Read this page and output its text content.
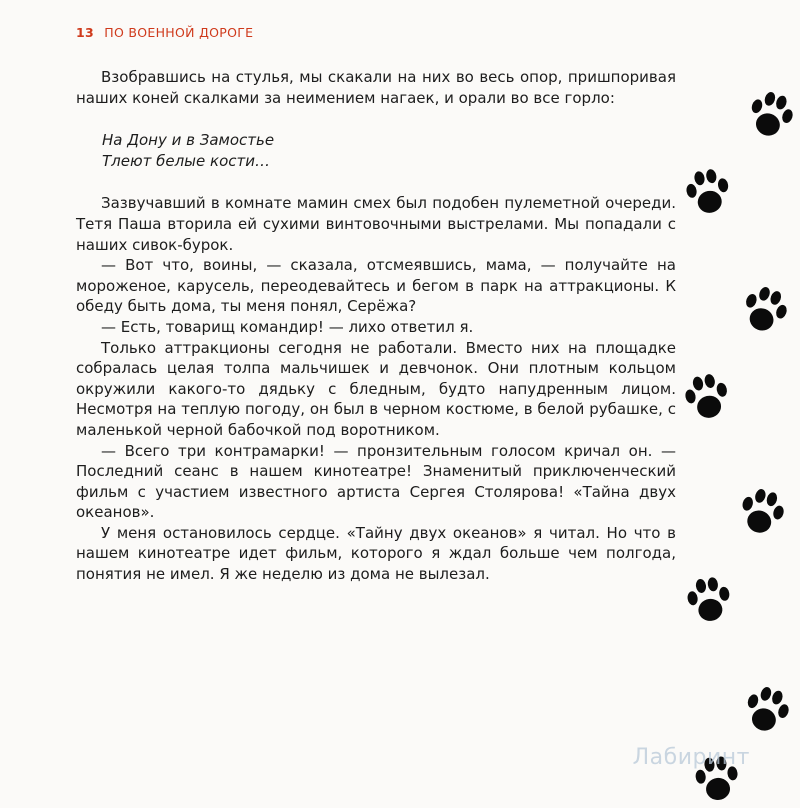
13 ПО ВОЕННОЙ ДОРОГЕ

Взобравшись на стулья, мы скакали на них во весь опор, пришпоривая наших коней скалками за неимением нагаек, и орали во все горло:

На Дону и в Замостье
Тлеют белые кости…

Зазвучавший в комнате мамин смех был подобен пулеметной очереди. Тетя Паша вторила ей сухими винтовочными выстрелами. Мы попадали с наших сивок-бурок.

— Вот что, воины, — сказала, отсмеявшись, мама, — получайте на мороженое, карусель, переодевайтесь и бегом в парк на аттракционы. К обеду быть дома, ты меня понял, Серёжа?

— Есть, товарищ командир! — лихо ответил я.

Только аттракционы сегодня не работали. Вместо них на площадке собралась целая толпа мальчишек и девчонок. Они плотным кольцом окружили какого-то дядьку с бледным, будто напудренным лицом. Несмотря на теплую погоду, он был в черном костюме, в белой рубашке, с маленькой черной бабочкой под воротником.

— Всего три контрамарки! — пронзительным голосом кричал он. — Последний сеанс в нашем кинотеатре! Знаменитый приключенческий фильм с участием известного артиста Сергея Столярова! «Тайна двух океанов».

У меня остановилось сердце. «Тайну двух океанов» я читал. Но что в нашем кинотеатре идет фильм, которого я ждал больше чем полгода, понятия не имел. Я же неделю из дома не вылезал.

Лабиринт
